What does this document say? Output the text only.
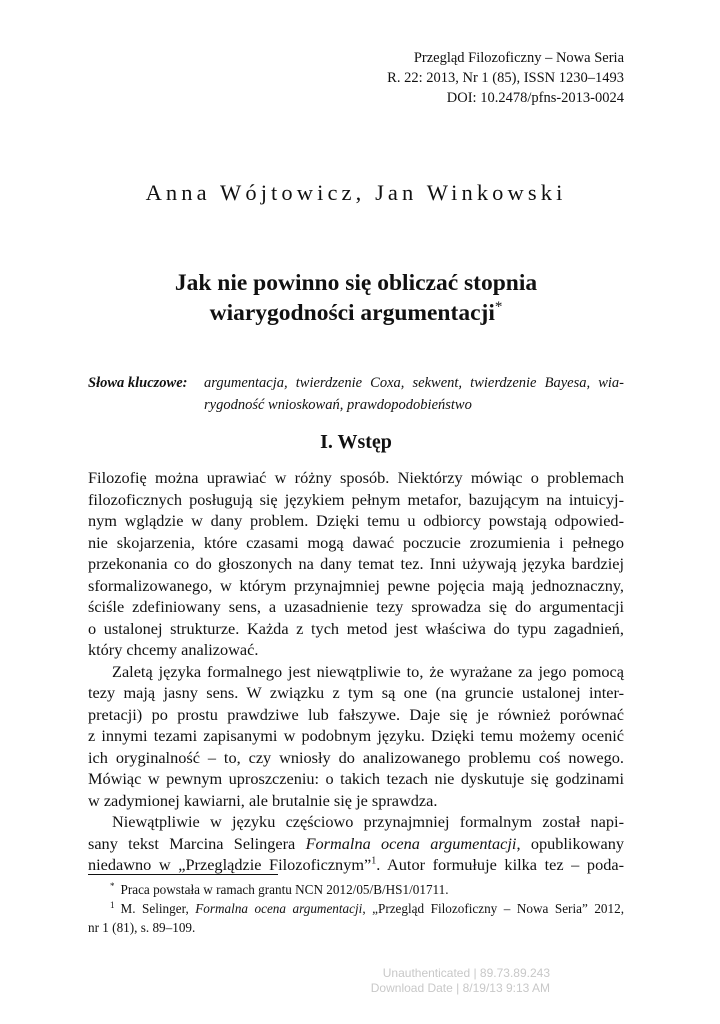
Przegląd Filozoficzny – Nowa Seria
R. 22: 2013, Nr 1 (85), ISSN 1230–1493
DOI: 10.2478/pfns-2013-0024
Anna Wójtowicz, Jan Winkowski
Jak nie powinno się obliczać stopnia
wiarygodności argumentacji*
Słowa kluczowe:	argumentacja, twierdzenie Coxa, sekwent, twierdzenie Bayesa, wia-
rygodność wnioskowań, prawdopodobieństwo
I. Wstęp
Filozofię można uprawiać w różny sposób. Niektórzy mówiąc o problemach
filozoficznych posługują się językiem pełnym metafor, bazującym na intuicyj-
nym wglądzie w dany problem. Dzięki temu u odbiorcy powstają odpowied-
nie skojarzenia, które czasami mogą dawać poczucie zrozumienia i pełnego
przekonania co do głoszonych na dany temat tez. Inni używają języka bardziej
sformalizowanego, w którym przynajmniej pewne pojęcia mają jednoznaczny,
ściśle zdefiniowany sens, a uzasadnienie tezy sprowadza się do argumentacji
o ustalonej strukturze. Każda z tych metod jest właściwa do typu zagadnień,
który chcemy analizować.
Zaletą języka formalnego jest niewątpliwie to, że wyrażane za jego pomocą
tezy mają jasny sens. W związku z tym są one (na gruncie ustalonej inter-
pretacji) po prostu prawdziwe lub fałszywe. Daje się je również porównać
z innymi tezami zapisanymi w podobnym języku. Dzięki temu możemy ocenić
ich oryginalność – to, czy wniosły do analizowanego problemu coś nowego.
Mówiąc w pewnym uproszczeniu: o takich tezach nie dyskutuje się godzinami
w zadymionej kawiarni, ale brutalnie się je sprawdza.
Niewątpliwie w języku częściowo przynajmniej formalnym został napi-
sany tekst Marcina Selingera Formalna ocena argumentacji, opublikowany
niedawno w „Przeglądzie Filozoficznym”$^1$. Autor formułuje kilka tez – poda-
* Praca powstała w ramach grantu NCN 2012/05/B/HS1/01711.
$^1$ M. Selinger, Formalna ocena argumentacji, „Przegląd Filozoficzny – Nowa Seria” 2012,
nr 1 (81), s. 89–109.
Unauthenticated | 89.73.89.243
Download Date | 8/19/13 9:13 AM
